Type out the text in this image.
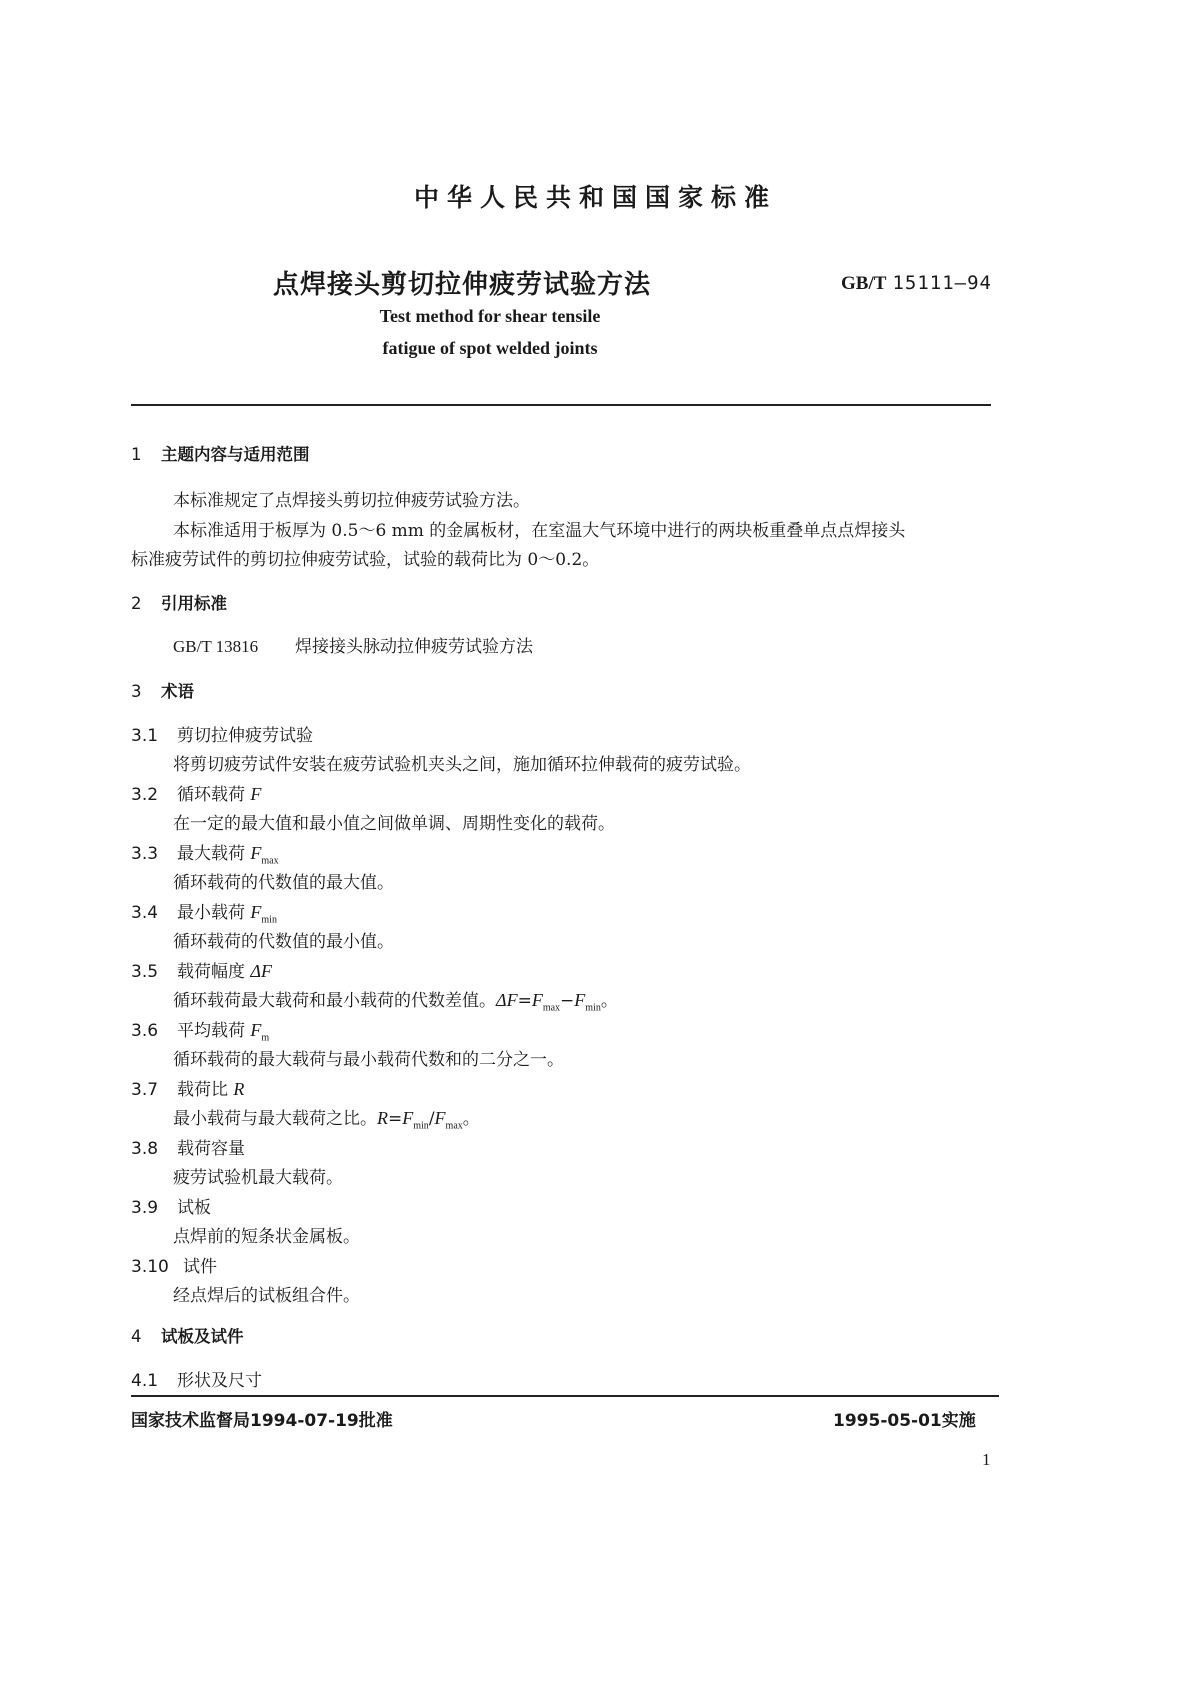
中华人民共和国国家标准
点焊接头剪切拉伸疲劳试验方法	GB/T 15111—94
Test method for shear tensile
fatigue of spot welded joints
1 主题内容与适用范围
本标准规定了点焊接头剪切拉伸疲劳试验方法。
本标准适用于板厚为 0.5～6 mm 的金属板材，在室温大气环境中进行的两块板重叠单点点焊接头
标准疲劳试件的剪切拉伸疲劳试验，试验的载荷比为 0～0.2。
2 引用标准
GB/T 13816 焊接接头脉动拉伸疲劳试验方法
3 术语
3.1 剪切拉伸疲劳试验
将剪切疲劳试件安装在疲劳试验机夹头之间，施加循环拉伸载荷的疲劳试验。
3.2 循环载荷 F
在一定的最大值和最小值之间做单调、周期性变化的载荷。
3.3 最大载荷 $F_{max}$
循环载荷的代数值的最大值。
3.4 最小载荷 $F_{min}$
循环载荷的代数值的最小值。
3.5 载荷幅度 ΔF
循环载荷最大载荷和最小载荷的代数差值。$\Delta F=F_{max}-F_{min}$。
3.6 平均载荷 $F_m$
循环载荷的最大载荷与最小载荷代数和的二分之一。
3.7 载荷比 R
最小载荷与最大载荷之比。$R=F_{min}/F_{max}$。
3.8 载荷容量
疲劳试验机最大载荷。
3.9 试板
点焊前的短条状金属板。
3.10 试件
经点焊后的试板组合件。
4 试板及试件
4.1 形状及尺寸
国家技术监督局1994-07-19批准	1995-05-01实施
1
